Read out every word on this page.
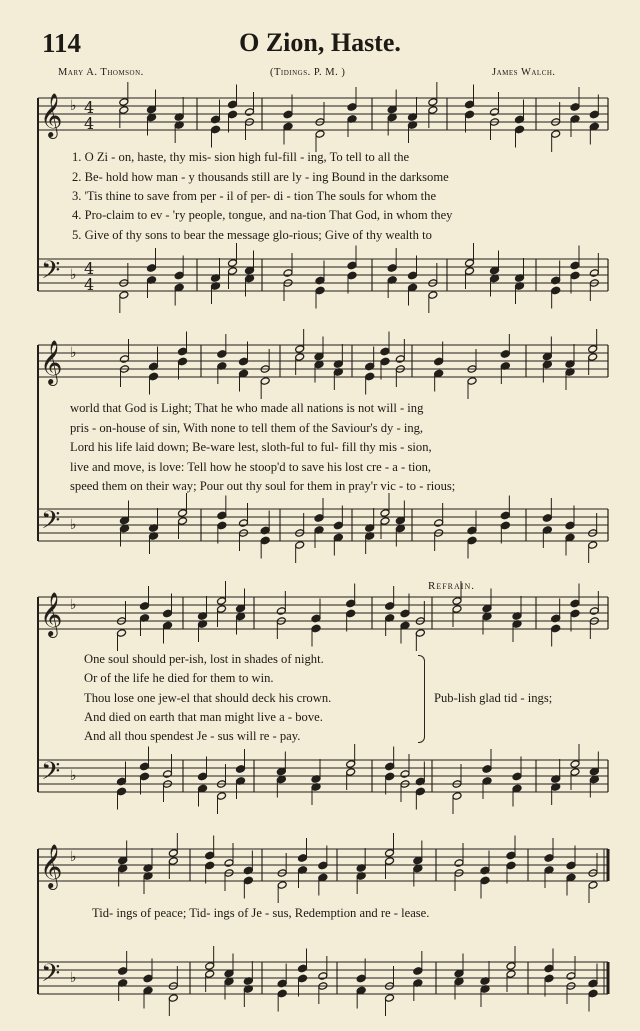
114	O Zion, Haste.
Mary A. Thomson.	(Tidings. P. M. )	James Walch.
𝄞 ♭ 4
4
𝄢 ♭ 4
4
𝄞 ♭
𝄢 ♭
𝄞 ♭
𝄢 ♭
𝄞 ♭
𝄢 ♭
1. O Zi - on, haste, thy mis- sion high ful-fill - ing, To tell to all the
2. Be- hold how man - y thousands still are ly - ing Bound in the darksome
3. 'Tis thine to save from per - il of per- di - tion The souls for whom the
4. Pro-claim to ev - 'ry people, tongue, and na-tion That God, in whom they
5. Give of thy sons to bear the message glo-rious; Give of thy wealth to
world that God is Light; That he who made all nations is not will - ing
pris - on-house of sin, With none to tell them of the Saviour's dy - ing,
Lord his life laid down; Be-ware lest, sloth-ful to ful- fill thy mis - sion,
live and move, is love: Tell how he stoop'd to save his lost cre - a - tion,
speed them on their way; Pour out thy soul for them in pray'r vic - to - rious;
Refrain.
One soul should per-ish, lost in shades of night.
Or of the life he died for them to win.
Thou lose one jew-el that should deck his crown.
And died on earth that man might live a - bove.
And all thou spendest Je - sus will re - pay.
Pub-lish glad tid - ings;
Tid- ings of peace; Tid- ings of Je - sus, Redemption and re - lease.
